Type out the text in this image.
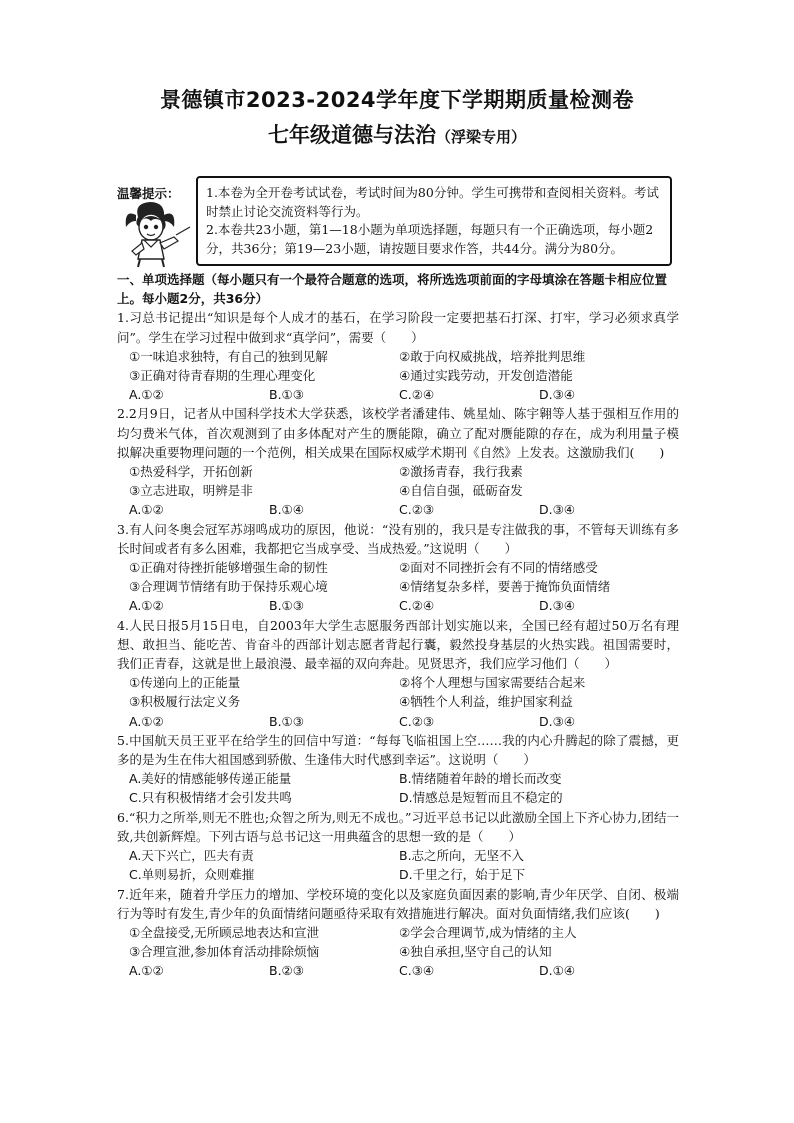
景德镇市2023-2024学年度下学期期质量检测卷
七年级道德与法治（浮梁专用）
温馨提示： 1.本卷为全开卷考试试卷，考试时间为80分钟。学生可携带和查阅相关资料。考试时禁止讨论交流资料等行为。

2.本卷共23小题，第1—18小题为单项选择题，每题只有一个正确选项，每小题2分，共36分；第19—23小题，请按题目要求作答，共44分。满分为80分。

一、单项选择题（每小题只有一个最符合题意的选项，将所选选项前面的字母填涂在答题卡相应位置上。每小题2分，共36分）

1.习总书记提出“知识是每个人成才的基石，在学习阶段一定要把基石打深、打牢，学习必须求真学问”。学生在学习过程中做到求“真学问”，需要（　　）

①一味追求独特，有自己的独到见解	②敢于向权威挑战，培养批判思维
③正确对待青春期的生理心理变化	④通过实践劳动，开发创造潜能
A.①②	B.①③	C.②④	D.③④

2.2月9日，记者从中国科学技术大学获悉，该校学者潘建伟、姚星灿、陈宇翱等人基于强相互作用的均匀费米气体，首次观测到了由多体配对产生的赝能隙，确立了配对赝能隙的存在，成为利用量子模拟解决重要物理问题的一个范例，相关成果在国际权威学术期刊《自然》上发表。这激励我们(　　)

①热爱科学，开拓创新	②激扬青春，我行我素
③立志进取，明辨是非	④自信自强，砥砺奋发
A.①②	B.①④	C.②③	D.③④

3.有人问冬奥会冠军苏翊鸣成功的原因，他说：“没有别的，我只是专注做我的事，不管每天训练有多长时间或者有多么困难，我都把它当成享受、当成热爱。”这说明（　　）

①正确对待挫折能够增强生命的韧性	②面对不同挫折会有不同的情绪感受
③合理调节情绪有助于保持乐观心境	④情绪复杂多样，要善于掩饰负面情绪
A.①②	B.①③	C.②④	D.③④

4.人民日报5月15日电，自2003年大学生志愿服务西部计划实施以来，全国已经有超过50万名有理想、敢担当、能吃苦、肯奋斗的西部计划志愿者背起行囊，毅然投身基层的火热实践。祖国需要时，我们正青春，这就是世上最浪漫、最幸福的双向奔赴。见贤思齐，我们应学习他们（　　）

①传递向上的正能量	②将个人理想与国家需要结合起来
③积极履行法定义务	④牺牲个人利益，维护国家利益
A.①②	B.①③	C.②③	D.③④

5.中国航天员王亚平在给学生的回信中写道：“每每飞临祖国上空……我的内心升腾起的除了震撼，更多的是为生在伟大祖国感到骄傲、生逢伟大时代感到幸运”。这说明（　　）

A.美好的情感能够传递正能量	B.情绪随着年龄的增长而改变
C.只有积极情绪才会引发共鸣	D.情感总是短暂而且不稳定的

6.“积力之所举,则无不胜也;众智之所为,则无不成也。”习近平总书记以此激励全国上下齐心协力,团结一致,共创新辉煌。下列古语与总书记这一用典蕴含的思想一致的是（　　）

A.天下兴亡，匹夫有责	B.志之所向，无坚不入
C.单则易折，众则难摧	D.千里之行，始于足下

7.近年来，随着升学压力的增加、学校环境的变化以及家庭负面因素的影响,青少年厌学、自闭、极端行为等时有发生,青少年的负面情绪问题亟待采取有效措施进行解决。面对负面情绪,我们应该(　　)

①全盘接受,无所顾忌地表达和宣泄	②学会合理调节,成为情绪的主人
③合理宣泄,参加体育活动排除烦恼	④独自承担,坚守自己的认知
A.①②	B.②③	C.③④	D.①④
